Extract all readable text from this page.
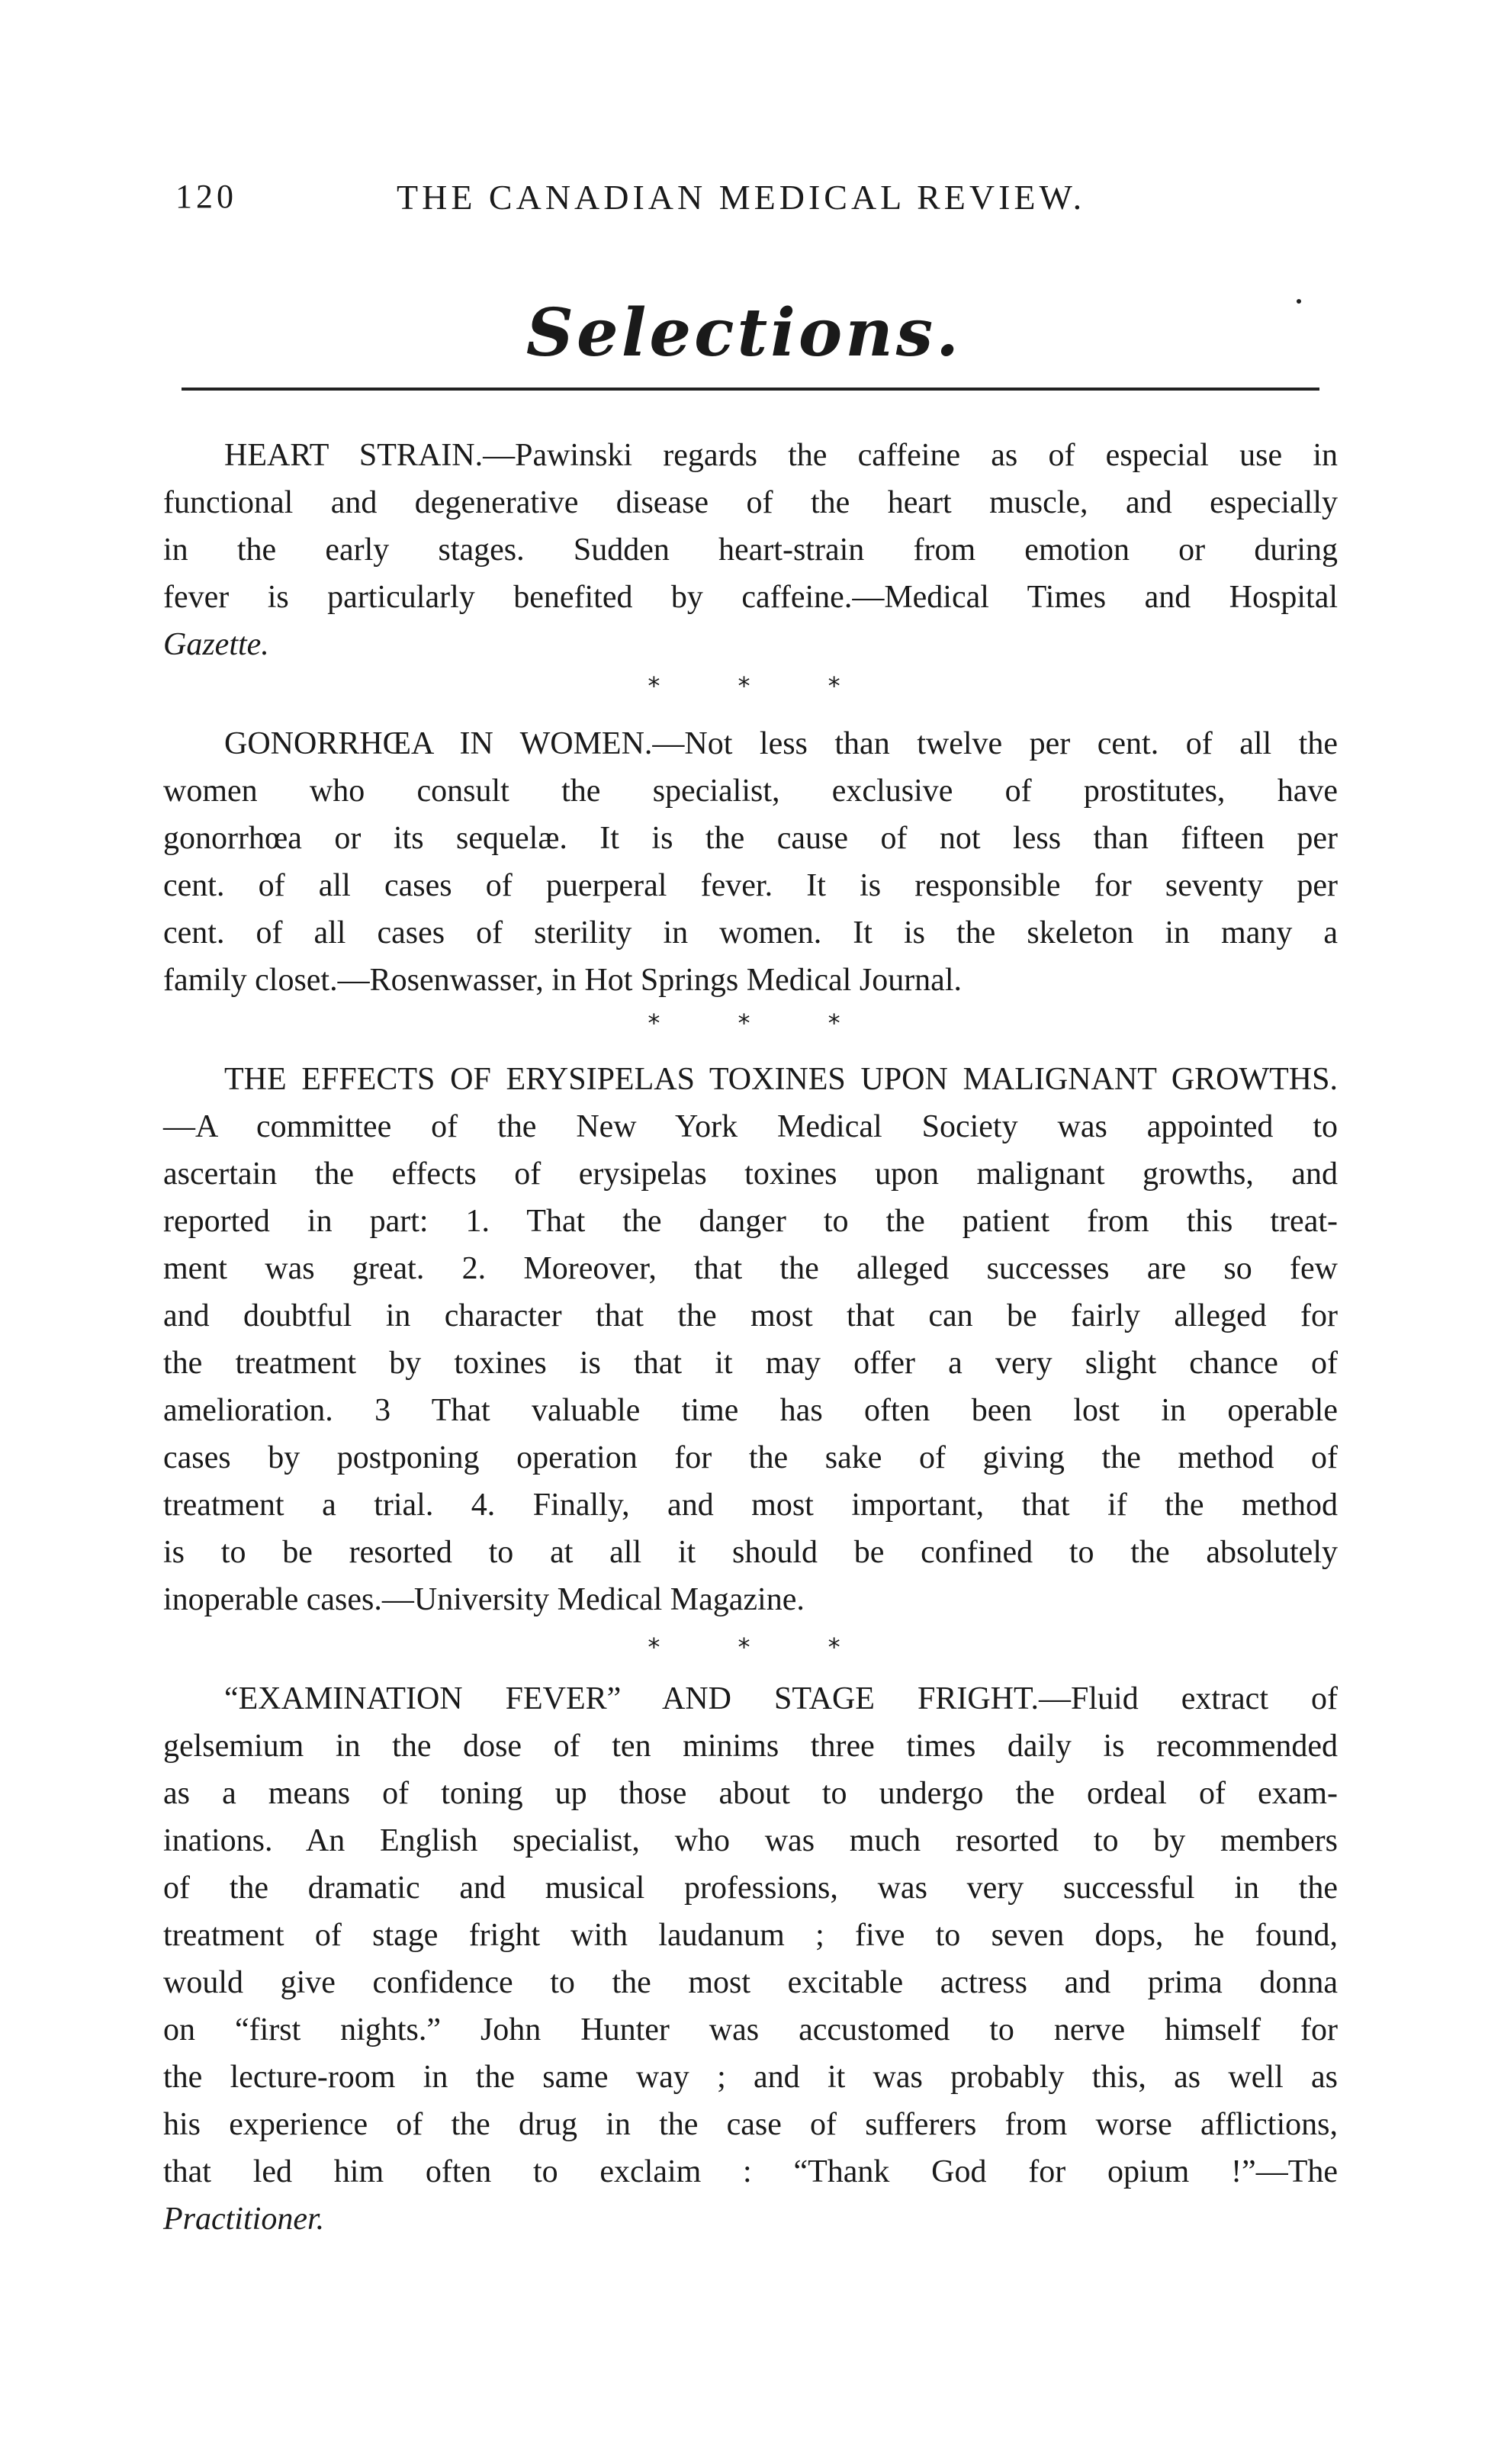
120	THE CANADIAN MEDICAL REVIEW.
Selections.
HEART STRAIN.—Pawinski regards the caffeine as of especial use in
functional and degenerative disease of the heart muscle, and especially
in the early stages. Sudden heart-strain from emotion or during
fever is particularly benefited by caffeine.—Medical Times and Hospital
Gazette.
* * *
GONORRHŒA IN WOMEN.—Not less than twelve per cent. of all the
women who consult the specialist, exclusive of prostitutes, have
gonorrhœa or its sequelæ. It is the cause of not less than fifteen per
cent. of all cases of puerperal fever. It is responsible for seventy per
cent. of all cases of sterility in women. It is the skeleton in many a
family closet.—Rosenwasser, in Hot Springs Medical Journal.
* * *
THE EFFECTS OF ERYSIPELAS TOXINES UPON MALIGNANT GROWTHS.
—A committee of the New York Medical Society was appointed to
ascertain the effects of erysipelas toxines upon malignant growths, and
reported in part: 1. That the danger to the patient from this treat-
ment was great. 2. Moreover, that the alleged successes are so few
and doubtful in character that the most that can be fairly alleged for
the treatment by toxines is that it may offer a very slight chance of
amelioration. 3 That valuable time has often been lost in operable
cases by postponing operation for the sake of giving the method of
treatment a trial. 4. Finally, and most important, that if the method
is to be resorted to at all it should be confined to the absolutely
inoperable cases.—University Medical Magazine.
* * *
“EXAMINATION FEVER” AND STAGE FRIGHT.—Fluid extract of
gelsemium in the dose of ten minims three times daily is recommended
as a means of toning up those about to undergo the ordeal of exam-
inations. An English specialist, who was much resorted to by members
of the dramatic and musical professions, was very successful in the
treatment of stage fright with laudanum ; five to seven dops, he found,
would give confidence to the most excitable actress and prima donna
on “first nights.” John Hunter was accustomed to nerve himself for
the lecture-room in the same way ; and it was probably this, as well as
his experience of the drug in the case of sufferers from worse afflictions,
that led him often to exclaim : “Thank God for opium !”—The
Practitioner.
